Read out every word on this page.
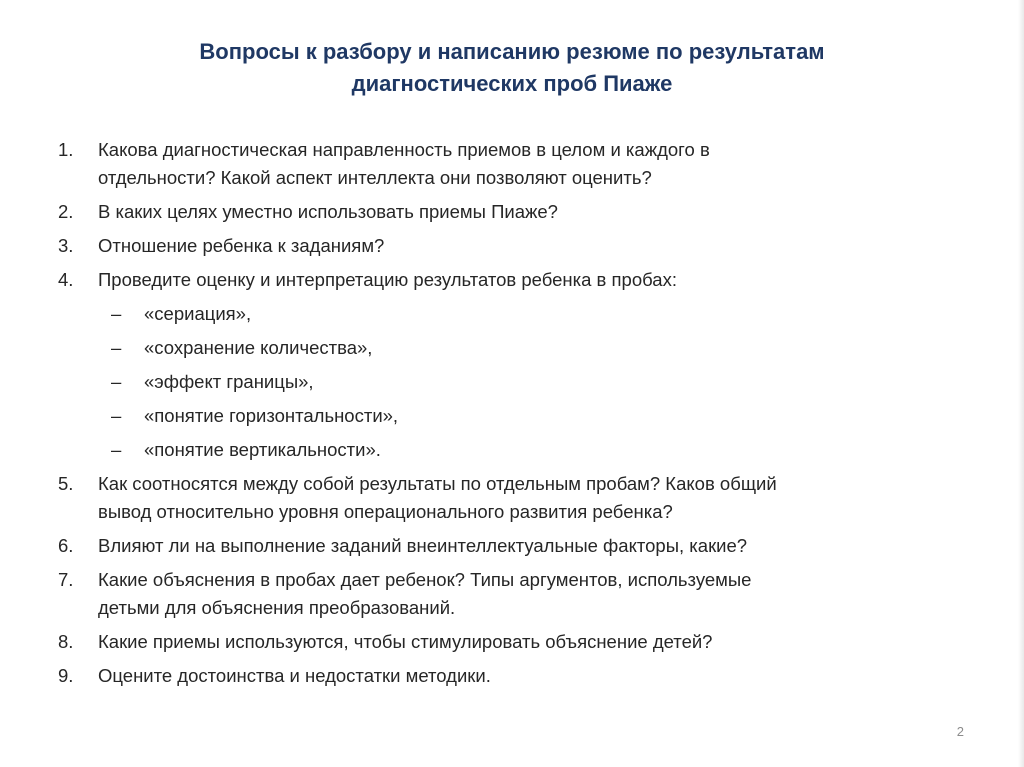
Вопросы к разбору и написанию резюме по результатам
диагностических проб Пиаже
1.	Какова диагностическая направленность приемов в целом и каждого в
отдельности? Какой аспект интеллекта они позволяют оценить?
2.	В каких целях уместно использовать приемы Пиаже?
3.	Отношение ребенка к заданиям?
4.	Проведите оценку и интерпретацию результатов ребенка в пробах:
–	«сериация»,
–	«сохранение количества»,
–	«эффект границы»,
–	«понятие горизонтальности»,
–	«понятие вертикальности».
5.	Как соотносятся между собой результаты по отдельным пробам? Каков общий
вывод относительно уровня операционального развития ребенка?
6.	Влияют ли на выполнение заданий внеинтеллектуальные факторы, какие?
7.	Какие объяснения в пробах дает ребенок? Типы аргументов, используемые
детьми для объяснения преобразований.
8.	Какие приемы используются, чтобы стимулировать объяснение детей?
9.	Оцените достоинства и недостатки методики.
2
